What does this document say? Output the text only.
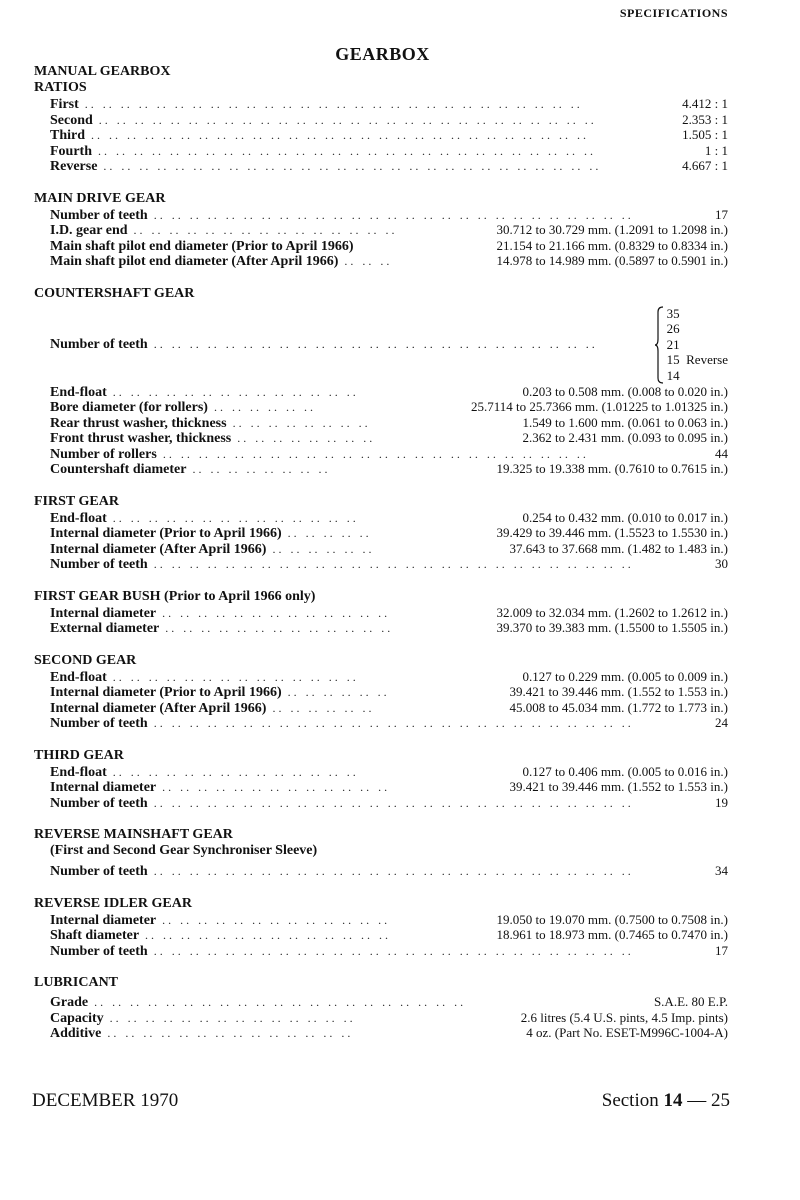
SPECIFICATIONS
GEARBOX
MANUAL GEARBOX
RATIOS
First .. .. .. .. .. .. .. .. .. .. .. .. .. .. .. .. .. .. .. .. .. .. .. .. .. .. .. ..	4.412 : 1
Second .. .. .. .. .. .. .. .. .. .. .. .. .. .. .. .. .. .. .. .. .. .. .. .. .. .. .. ..	2.353 : 1
Third .. .. .. .. .. .. .. .. .. .. .. .. .. .. .. .. .. .. .. .. .. .. .. .. .. .. .. ..	1.505 : 1
Fourth .. .. .. .. .. .. .. .. .. .. .. .. .. .. .. .. .. .. .. .. .. .. .. .. .. .. .. ..	1 : 1
Reverse .. .. .. .. .. .. .. .. .. .. .. .. .. .. .. .. .. .. .. .. .. .. .. .. .. .. .. ..	4.667 : 1
MAIN DRIVE GEAR
Number of teeth .. .. .. .. .. .. .. .. .. .. .. .. .. .. .. .. .. .. .. .. .. .. .. .. .. .. ..	17
I.D. gear end .. .. .. .. .. .. .. .. .. .. .. .. .. .. ..	30.712 to 30.729 mm. (1.2091 to 1.2098 in.)
Main shaft pilot end diameter (Prior to April 1966)	21.154 to 21.166 mm. (0.8329 to 0.8334 in.)
Main shaft pilot end diameter (After April 1966) .. .. ..	14.978 to 14.989 mm. (0.5897 to 0.5901 in.)
COUNTERSHAFT GEAR
Number of teeth .. .. .. .. .. .. .. .. .. .. .. .. .. .. .. .. .. .. .. .. .. .. .. .. ..
35
26
21
15  Reverse
14
End-float .. .. .. .. .. .. .. .. .. .. .. .. .. ..	0.203 to 0.508 mm. (0.008 to 0.020 in.)
Bore diameter (for rollers) .. .. .. .. .. ..	25.7114 to 25.7366 mm. (1.01225 to 1.01325 in.)
Rear thrust washer, thickness .. .. .. .. .. .. .. ..	1.549 to 1.600 mm. (0.061 to 0.063 in.)
Front thrust washer, thickness .. .. .. .. .. .. .. ..	2.362 to 2.431 mm. (0.093 to 0.095 in.)
Number of rollers .. .. .. .. .. .. .. .. .. .. .. .. .. .. .. .. .. .. .. .. .. .. .. ..	44
Countershaft diameter .. .. .. .. .. .. .. ..	19.325 to 19.338 mm. (0.7610 to 0.7615 in.)
FIRST GEAR
End-float .. .. .. .. .. .. .. .. .. .. .. .. .. ..	0.254 to 0.432 mm. (0.010 to 0.017 in.)
Internal diameter (Prior to April 1966) .. .. .. .. ..	39.429 to 39.446 mm. (1.5523 to 1.5530 in.)
Internal diameter (After April 1966) .. .. .. .. .. ..	37.643 to 37.668 mm. (1.482 to 1.483 in.)
Number of teeth .. .. .. .. .. .. .. .. .. .. .. .. .. .. .. .. .. .. .. .. .. .. .. .. .. .. ..	30
FIRST GEAR BUSH (Prior to April 1966 only)
Internal diameter .. .. .. .. .. .. .. .. .. .. .. .. ..	32.009 to 32.034 mm. (1.2602 to 1.2612 in.)
External diameter .. .. .. .. .. .. .. .. .. .. .. .. ..	39.370 to 39.383 mm. (1.5500 to 1.5505 in.)
SECOND GEAR
End-float .. .. .. .. .. .. .. .. .. .. .. .. .. ..	0.127 to 0.229 mm. (0.005 to 0.009 in.)
Internal diameter (Prior to April 1966) .. .. .. .. .. ..	39.421 to 39.446 mm. (1.552 to 1.553 in.)
Internal diameter (After April 1966) .. .. .. .. .. ..	45.008 to 45.034 mm. (1.772 to 1.773 in.)
Number of teeth .. .. .. .. .. .. .. .. .. .. .. .. .. .. .. .. .. .. .. .. .. .. .. .. .. .. ..	24
THIRD GEAR
End-float .. .. .. .. .. .. .. .. .. .. .. .. .. ..	0.127 to 0.406 mm. (0.005 to 0.016 in.)
Internal diameter .. .. .. .. .. .. .. .. .. .. .. .. ..	39.421 to 39.446 mm. (1.552 to 1.553 in.)
Number of teeth .. .. .. .. .. .. .. .. .. .. .. .. .. .. .. .. .. .. .. .. .. .. .. .. .. .. ..	19
REVERSE MAINSHAFT GEAR
(First and Second Gear Synchroniser Sleeve)
Number of teeth .. .. .. .. .. .. .. .. .. .. .. .. .. .. .. .. .. .. .. .. .. .. .. .. .. .. ..	34
REVERSE IDLER GEAR
Internal diameter .. .. .. .. .. .. .. .. .. .. .. .. ..	19.050 to 19.070 mm. (0.7500 to 0.7508 in.)
Shaft diameter .. .. .. .. .. .. .. .. .. .. .. .. .. ..	18.961 to 18.973 mm. (0.7465 to 0.7470 in.)
Number of teeth .. .. .. .. .. .. .. .. .. .. .. .. .. .. .. .. .. .. .. .. .. .. .. .. .. .. ..	17
LUBRICANT
Grade .. .. .. .. .. .. .. .. .. .. .. .. .. .. .. .. .. .. .. .. ..	S.A.E. 80 E.P.
Capacity .. .. .. .. .. .. .. .. .. .. .. .. .. ..	2.6 litres (5.4 U.S. pints, 4.5 Imp. pints)
Additive .. .. .. .. .. .. .. .. .. .. .. .. .. ..	4 oz. (Part No. ESET-M996C-1004-A)
DECEMBER 1970	Section 14 — 25
